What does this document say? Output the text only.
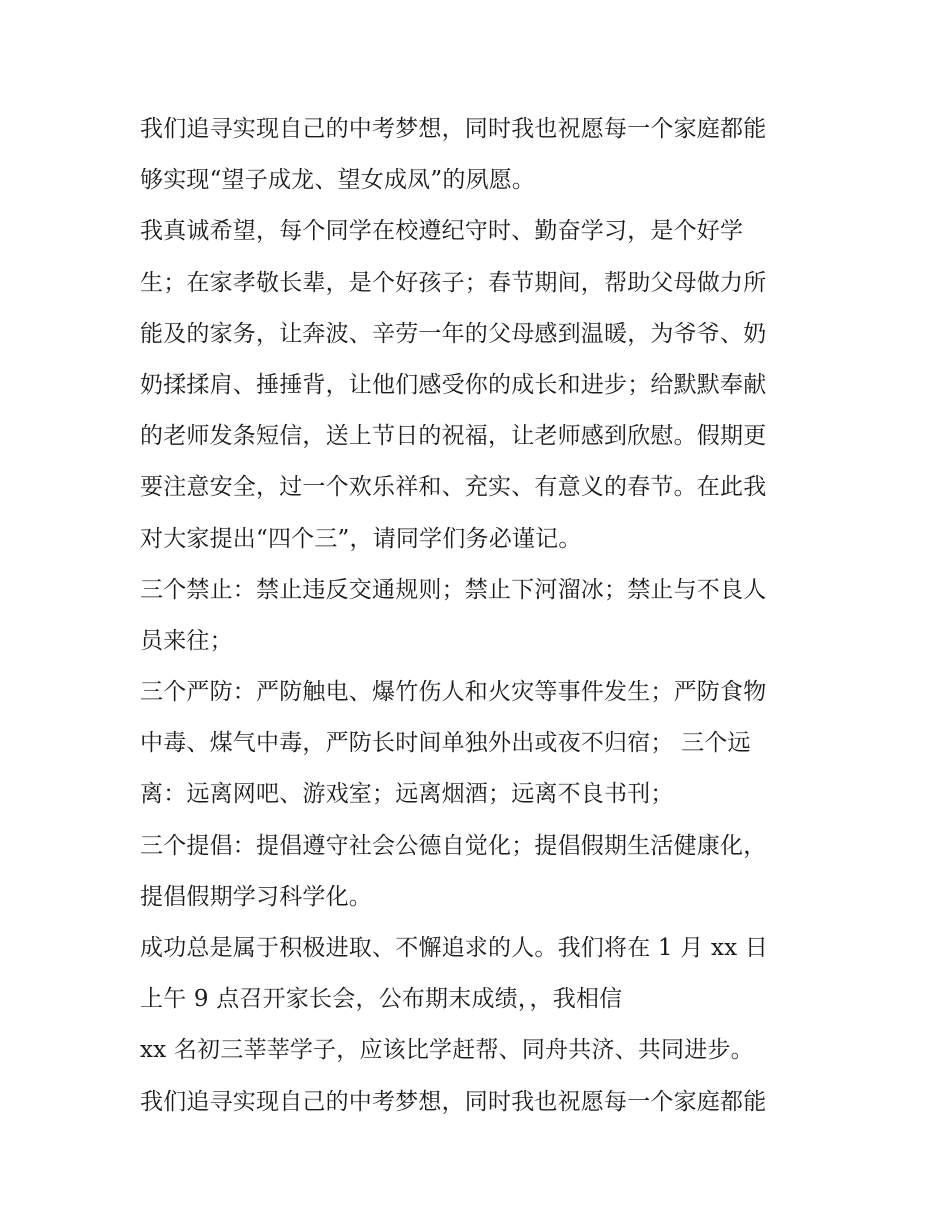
我们追寻实现自己的中考梦想，同时我也祝愿每一个家庭都能
够实现“望子成龙、望女成凤”的夙愿。
我真诚希望，每个同学在校遵纪守时、勤奋学习，是个好学
生；在家孝敬长辈，是个好孩子；春节期间，帮助父母做力所
能及的家务，让奔波、辛劳一年的父母感到温暖，为爷爷、奶
奶揉揉肩、捶捶背，让他们感受你的成长和进步；给默默奉献
的老师发条短信，送上节日的祝福，让老师感到欣慰。假期更
要注意安全，过一个欢乐祥和、充实、有意义的春节。在此我
对大家提出“四个三”，请同学们务必谨记。
三个禁止：禁止违反交通规则；禁止下河溜冰；禁止与不良人
员来往；
三个严防：严防触电、爆竹伤人和火灾等事件发生；严防食物
中毒、煤气中毒，严防长时间单独外出或夜不归宿； 三个远
离：远离网吧、游戏室；远离烟酒；远离不良书刊；
三个提倡：提倡遵守社会公德自觉化；提倡假期生活健康化，
提倡假期学习科学化。
成功总是属于积极进取、不懈追求的人。我们将在 1 月 xx 日
上午 9 点召开家长会，公布期末成绩，，我相信
xx 名初三莘莘学子，应该比学赶帮、同舟共济、共同进步。
我们追寻实现自己的中考梦想，同时我也祝愿每一个家庭都能
